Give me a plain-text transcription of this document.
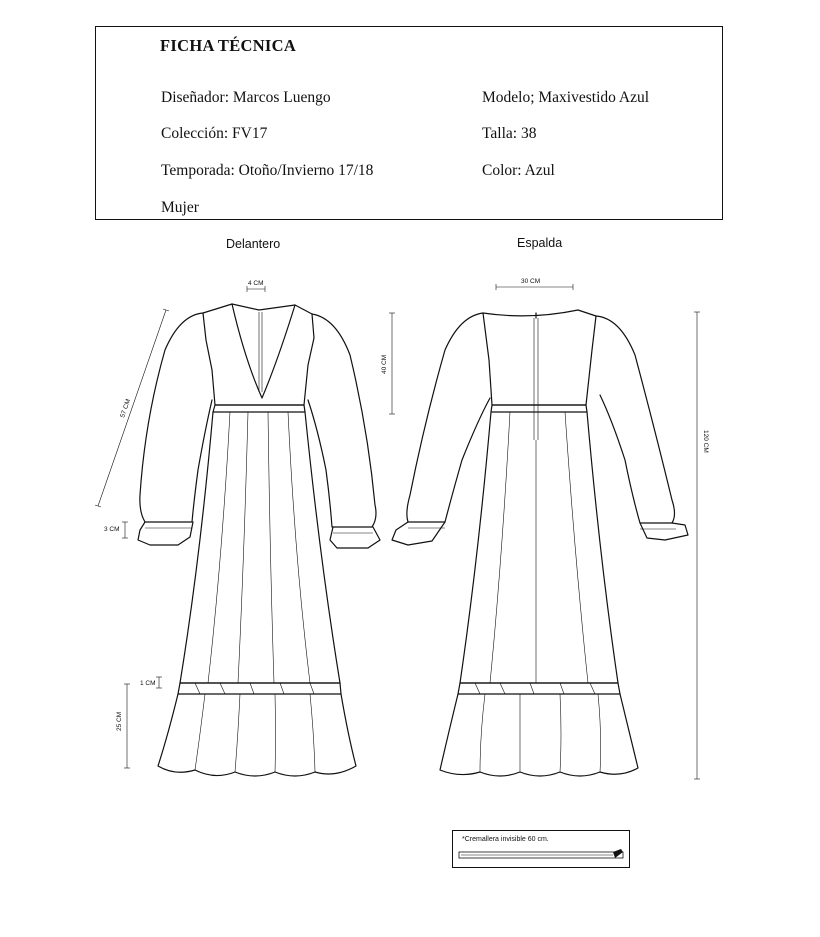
FICHA TÉCNICA
Diseñador: Marcos Luengo
Colección: FV17
Temporada: Otoño/Invierno 17/18
Mujer
Modelo; Maxivestido Azul
Talla: 38
Color: Azul
Delantero	Espalda
4 CM	30 CM
40 CM
57 CM
3 CM
1 CM
25 CM
120 CM
*Cremallera invisible 60 cm.
